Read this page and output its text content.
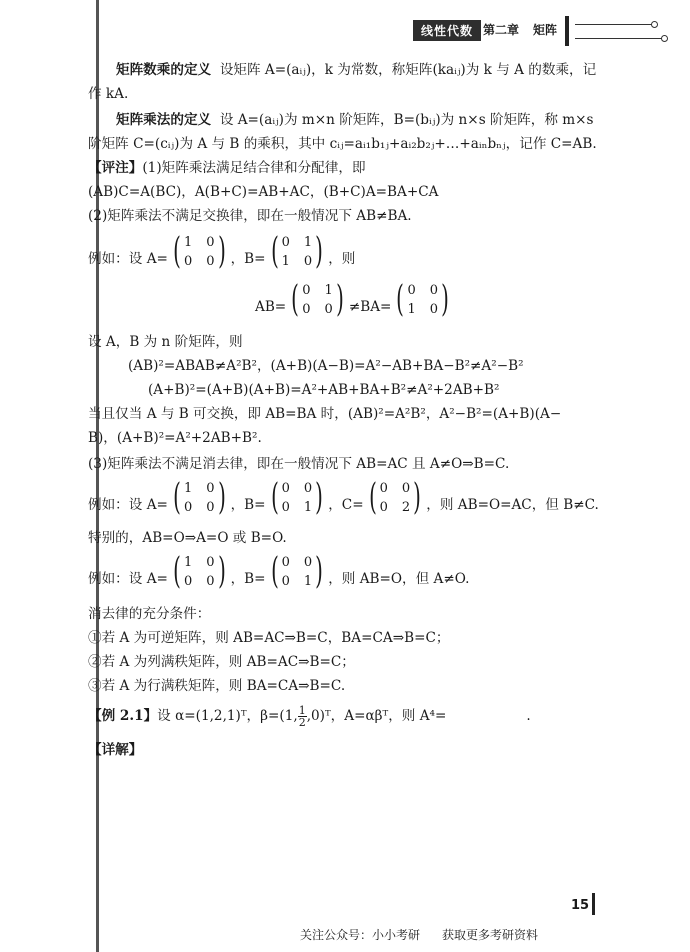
线性代数 第二章 矩阵
矩阵数乘的定义 设矩阵 A=(aᵢⱼ)，k 为常数，称矩阵(kaᵢⱼ)为 k 与 A 的数乘，记
作 kA.
矩阵乘法的定义 设 A=(aᵢⱼ)为 m×n 阶矩阵，B=(bᵢⱼ)为 n×s 阶矩阵，称 m×s
阶矩阵 C=(cᵢⱼ)为 A 与 B 的乘积，其中 cᵢⱼ=aᵢ₁b₁ⱼ+aᵢ₂b₂ⱼ+…+aᵢₙbₙⱼ，记作 C=AB.
【评注】(1)矩阵乘法满足结合律和分配律，即
(AB)C=A(BC)，A(B+C)=AB+AC，(B+C)A=BA+CA
(2)矩阵乘法不满足交换律，即在一般情况下 AB≠BA.
例如：设 A= ( 1 0
0 0 ) ，B= ( 0 1
1 0 ) ，则
AB= ( 0 1
0 0 ) ≠BA= ( 0 0
1 0 )
设 A，B 为 n 阶矩阵，则
(AB)²=ABAB≠A²B²，(A+B)(A−B)=A²−AB+BA−B²≠A²−B²
(A+B)²=(A+B)(A+B)=A²+AB+BA+B²≠A²+2AB+B²
当且仅当 A 与 B 可交换，即 AB=BA 时，(AB)²=A²B²，A²−B²=(A+B)(A−
B)，(A+B)²=A²+2AB+B².
(3)矩阵乘法不满足消去律，即在一般情况下 AB=AC 且 A≠O⇒B=C.
例如：设 A= ( 1 0
0 0 ) ，B= ( 0 0
0 1 ) ，C= ( 0 0
0 2 ) ，则 AB=O=AC，但 B≠C.
特别的，AB=O⇒A=O 或 B=O.
例如：设 A= ( 1 0
0 0 ) ，B= ( 0 0
0 1 ) ，则 AB=O，但 A≠O.
消去律的充分条件：
①若 A 为可逆矩阵，则 AB=AC⇒B=C，BA=CA⇒B=C；
②若 A 为列满秩矩阵，则 AB=AC⇒B=C；
③若 A 为行满秩矩阵，则 BA=CA⇒B=C.
【例 2.1】设 α=(1,2,1)ᵀ，β=(1, $\frac{1}{2}$ ,0)ᵀ，A=αβᵀ，则 A⁴=	.
【详解】
15
关注公众号：小小考研 获取更多考研资料
